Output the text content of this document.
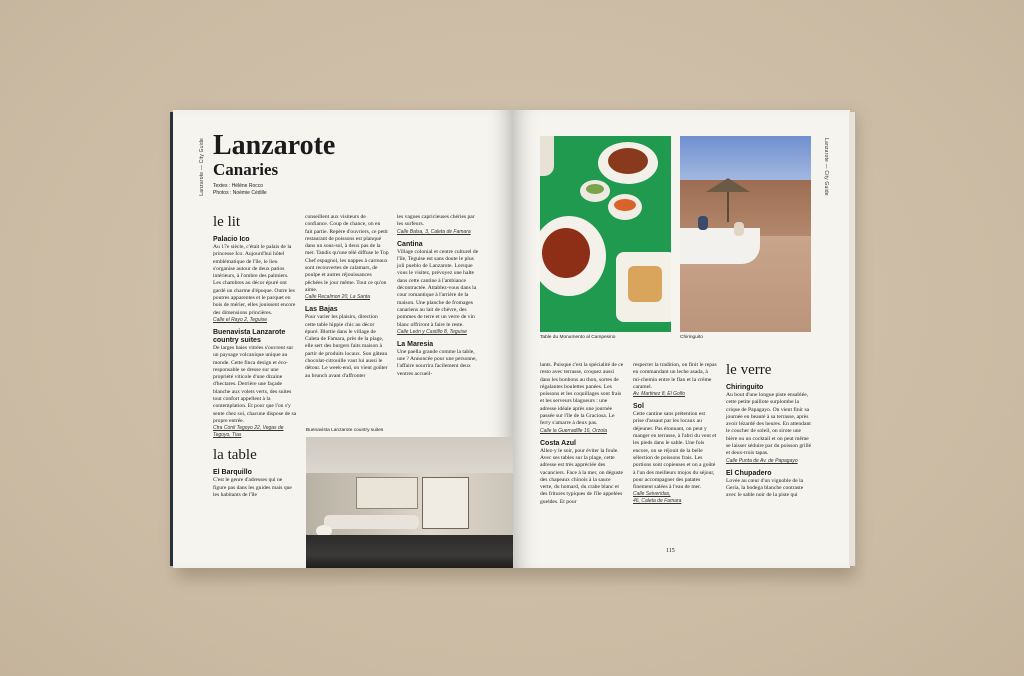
Lanzarote — City Guide Lanzarote
Canaries
Textes : Hélène Rocco
Photos : Noémie Cédille
le lit
Palacio Ico
Au 17e siècle, c'était le palais de la princesse Ico. Aujourd'hui hôtel emblématique de l'île, le lieu s'organise autour de deux patios intérieurs, à l'ombre des palmiers. Les chambres au décor épuré ont gardé un charme d'époque. Outre les poutres apparentes et le parquet en bois de mérier, elles jouissent encore des dimensions princières.
Calle el Rayo 2, Teguise
Buenavista Lanzarote
country suites
De larges baies vitrées s'ouvrent sur un paysage volcanique unique au monde. Cette finca design et éco-responsable se dresse sur une propriété viticole d'une dizaine d'hectares. Derrière une façade blanche aux volets verts, des suites tout confort appellent à la contemplation. Et pour que l'on s'y sente chez soi, chacune dispose de sa propre entrée.
Ctra Conil Tegoyo 22, Vegas de
Tegoyo, Tias
la table
El Barquillo
C'est le genre d'adresses qui ne figure pas dans les guides mais que les habitants de l'île
conseillent aux visiteurs de confiance. Coup de chance, on en fait partie. Repère d'ouvriers, ce petit restaurant de poissons est planqué dans un sous-sol, à deux pas de la mer. Tandis qu'une télé diffuse le Top Chef espagnol, les nappes à carreaux sont recouvertes de calamars, de poulpe et autres réjouissances pêchées le jour même. Tout ce qu'on aime.
Calle Recalmon 20, La Santa
Las Bajas
Pour varier les plaisirs, direction cette table hippie chic au décor épuré. Blottie dans le village de Caleta de Famara, près de la plage, elle sert des burgers faits maison à partir de produits locaux. Son gâteau chocolat-citrouille vaut lui aussi le détour. Le week-end, on vient goûter au brunch avant d'affronter
les vagues capricieuses chéries par les surfeurs.
Calle Balsa, 3, Caleta de Famara
Cantina
Village colonial et centre culturel de l'île, Teguise est sans doute le plus joli pueblo de Lanzarote. Lorsque vous le visitez, prévoyez une halte dans cette cantine à l'ambiance décontractée. Attablez-vous dans la cour romantique à l'arrière de la maison. Une planche de fromages canariens au lait de chèvre, des pommes de terre et un verre de vin blanc offriront à faire le reste.
Calle León y Castillo 8, Teguise
La Maresia
Une paella grande comme la table, une ? Annoncée pour une personne, l'affaire nourrira facilement deux ventres accueil-
Buenavista Lanzarote country suites
Lanzarote — City Guide
Table du Monumento al Campesino	Chiringuito
lants. Puisque c'est la spécialité de ce resto avec terrasse, croquez aussi dans les bonbons au thon, sortes de régalantes boulettes panées. Les poissons et les coquillages sont frais et les serveurs blagueurs : une adresse idéale après une journée passée sur l'île de la Graciosa. Le ferry s'amarre à deux pas.
Calle la Guerradille 16, Orzola
Costa Azul
Allez-y le soir, pour éviter la foule. Avec ses tables sur la plage, cette adresse est très appréciée des vacanciers. Face à la mer, on déguste des chapeaux chinois à la sauce verte, du homard, du crabe blanc et des fritures typiques de l'île appelées gueldes. Et pour
respecter la tradition, on finit le repas en commandant un leche asada, à mi-chemin entre le flan et la crème caramel.
Av. Martinez 8, El Golfo
Sol
Cette cantine sans prétention est prise d'assaut par les locaux au déjeuner. Pas étonnant, on peut y manger en terrasse, à l'abri du vent et les pieds dans le sable. Une fois encore, on se réjouit de la belle sélection de poissons frais. Les portions sont copieuses et on a goûté à l'un des meilleurs mojos du séjour, pour accompagner des patates finement salées à l'eau de mer.
Calle Seiveridas,
46, Caleta de Famara
le verre
Chiringuito
Au bout d'une longue piste ensablée, cette petite paillote surplombe la crique de Papagayo. On vient finir sa journée en beauté à sa terrasse, après avoir lézardé des heures. En attendant le coucher de soleil, on sirote une bière ou un cocktail et on peut même se laisser séduire par du poisson grillé et deux-trois tapas.
Calle Punta de Av. de Papagayo
El Chupadero
Lovée au cœur d'un vignoble de la Geria, la bodega blanche contraste avec le sable noir de la piste qui
115
